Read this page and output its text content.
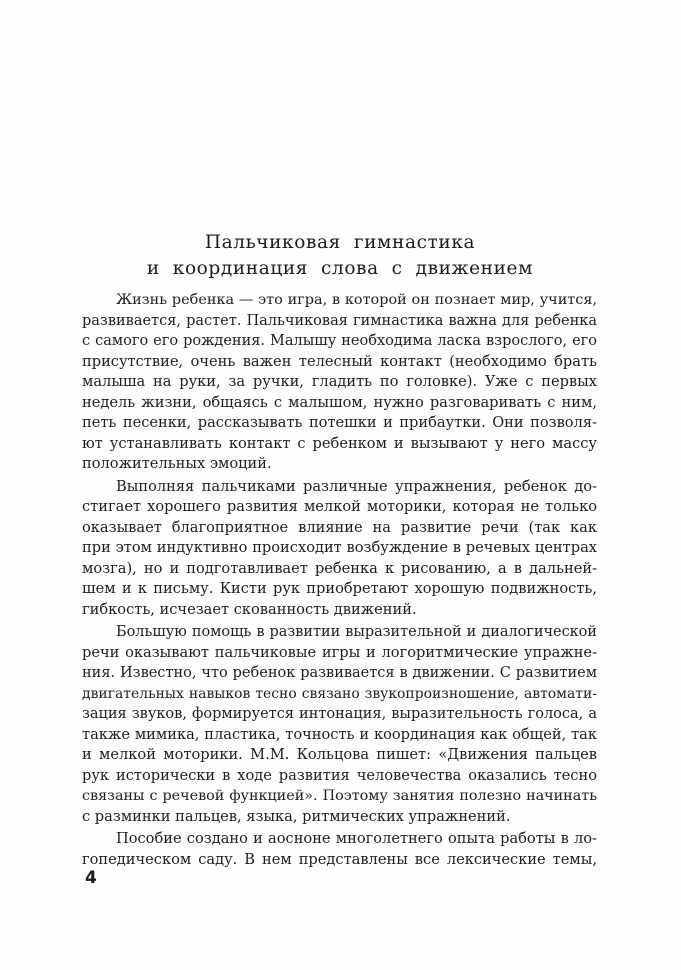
Пальчиковая  гимнастика
и  координация  слова  с  движением
Жизнь ребенка — это игра, в которой он познает мир, учится,
развивается, растет. Пальчиковая гимнастика важна для ребенка
с самого его рождения. Малышу необходима ласка взрослого, его
присутствие, очень важен телесный контакт (необходимо брать
малыша на руки, за ручки, гладить по головке). Уже с первых
недель жизни, общаясь с малышом, нужно разговаривать с ним,
петь песенки, рассказывать потешки и прибаутки. Они позволя-
ют устанавливать контакт с ребенком и вызывают у него массу
положительных эмоций.
Выполняя пальчиками различные упражнения, ребенок до-
стигает хорошего развития мелкой моторики, которая не только
оказывает благоприятное влияние на развитие речи (так как
при этом индуктивно происходит возбуждение в речевых центрах
мозга), но и подготавливает ребенка к рисованию, а в дальней-
шем и к письму. Кисти рук приобретают хорошую подвижность,
гибкость, исчезает скованность движений.
Большую помощь в развитии выразительной и диалогической
речи оказывают пальчиковые игры и логоритмические упражне-
ния. Известно, что ребенок развивается в движении. С развитием
двигательных навыков тесно связано звукопроизношение, автомати-
зация звуков, формируется интонация, выразительность голоса, а
также мимика, пластика, точность и координация как общей, так
и мелкой моторики. М.М. Кольцова пишет: «Движения пальцев
рук исторически в ходе развития человечества оказались тесно
связаны с речевой функцией». Поэтому занятия полезно начинать
с разминки пальцев, языка, ритмических упражнений.
Пособие создано и аосноне многолетнего опыта работы в ло-
гопедическом саду. В нем представлены все лексические темы,
4
